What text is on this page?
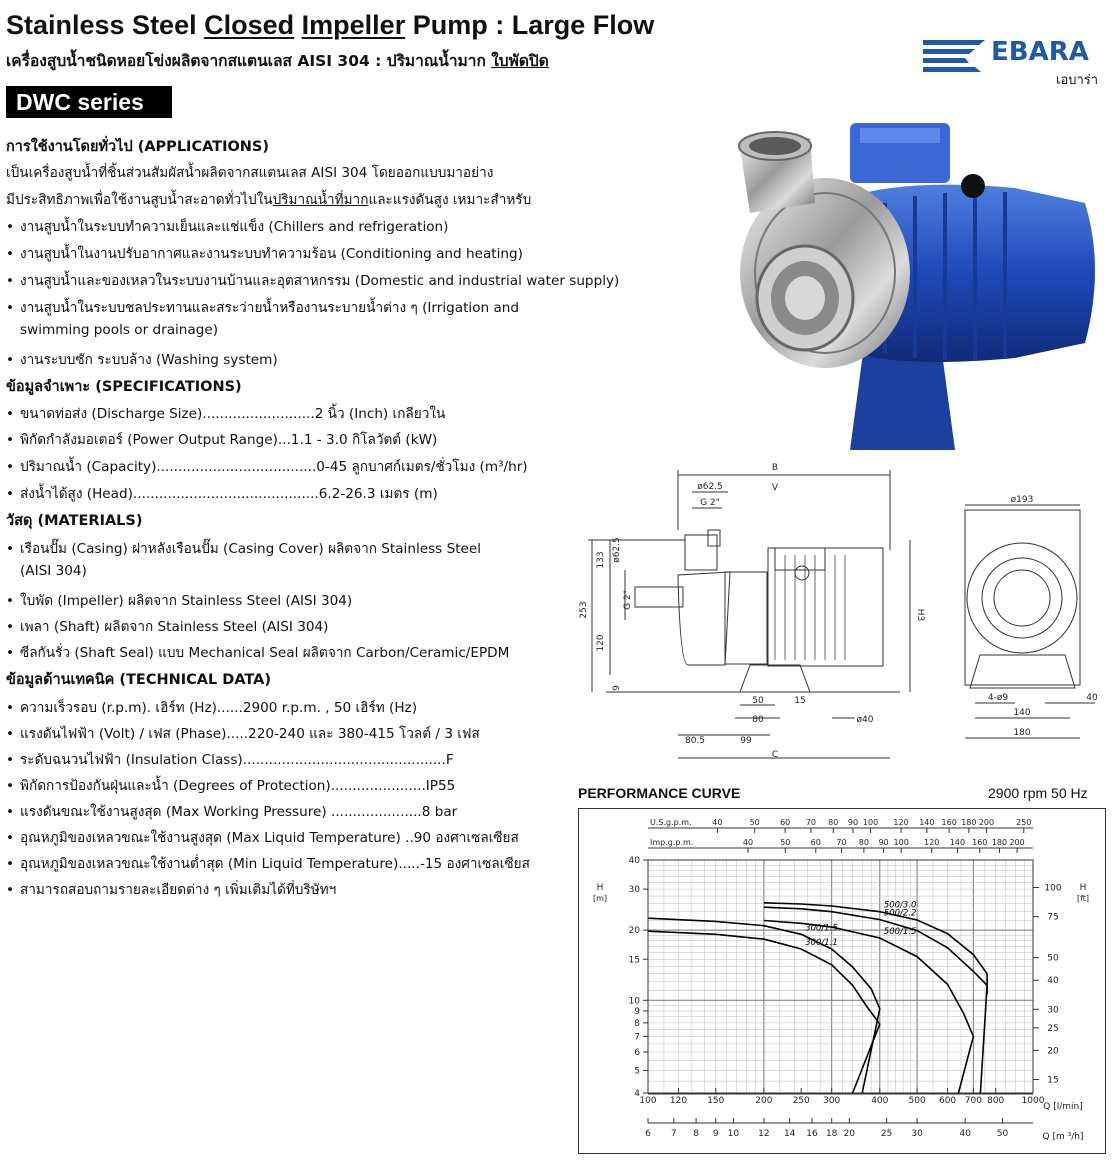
Stainless Steel Closed Impeller Pump : Large Flow
เครื่องสูบน้ำชนิดหอยโข่งผลิตจากสแตนเลส AISI 304 : ปริมาณน้ำมาก ใบพัดปิด
DWC series
EBARA
เอบาร่า
การใช้งานโดยทั่วไป (APPLICATIONS)
เป็นเครื่องสูบน้ำที่ชิ้นส่วนสัมผัสน้ำผลิตจากสแตนเลส AISI 304 โดยออกแบบมาอย่าง
มีประสิทธิภาพเพื่อใช้งานสูบน้ำสะอาดทั่วไปในปริมาณน้ำที่มากและแรงดันสูง เหมาะสำหรับ
• งานสูบน้ำในระบบทำความเย็นและแช่แข็ง (Chillers and refrigeration)
• งานสูบน้ำในงานปรับอากาศและงานระบบทำความร้อน (Conditioning and heating)
• งานสูบน้ำและของเหลวในระบบงานบ้านและอุตสาหกรรม (Domestic and industrial water supply)
• งานสูบน้ำในระบบชลประทานและสระว่ายน้ำหรืองานระบายน้ำต่าง ๆ (Irrigation and
swimming pools or drainage)
• งานระบบซัก ระบบล้าง (Washing system)
ข้อมูลจำเพาะ (SPECIFICATIONS)
• ขนาดท่อส่ง (Discharge Size)..........................2 นิ้ว (Inch) เกลียวใน
• พิกัดกำลังมอเตอร์ (Power Output Range)...1.1 - 3.0 กิโลวัตต์ (kW)
• ปริมาณน้ำ (Capacity).....................................0-45 ลูกบาศก์เมตร/ชั่วโมง (m³/hr)
• ส่งน้ำได้สูง (Head)...........................................6.2-26.3 เมตร (m)
วัสดุ (MATERIALS)
• เรือนปั๊ม (Casing) ฝาหลังเรือนปั๊ม (Casing Cover) ผลิตจาก Stainless Steel
(AISI 304)
• ใบพัด (Impeller) ผลิตจาก Stainless Steel (AISI 304)
• เพลา (Shaft) ผลิตจาก Stainless Steel (AISI 304)
• ซีลกันรั่ว (Shaft Seal) แบบ Mechanical Seal ผลิตจาก Carbon/Ceramic/EPDM
ข้อมูลด้านเทคนิค (TECHNICAL DATA)
• ความเร็วรอบ (r.p.m). เฮิร์ท (Hz)......2900 r.p.m. , 50 เฮิร์ท (Hz)
• แรงดันไฟฟ้า (Volt) / เฟส (Phase).....220-240 และ 380-415 โวลต์ / 3 เฟส
• ระดับฉนวนไฟฟ้า (Insulation Class)...............................................F
• พิกัดการป้องกันฝุ่นและน้ำ (Degrees of Protection)......................IP55
• แรงดันขณะใช้งานสูงสุด (Max Working Pressure) .....................8 bar
• อุณหภูมิของเหลวขณะใช้งานสูงสุด (Max Liquid Temperature) ..90 องศาเซลเซียส
• อุณหภูมิของเหลวขณะใช้งานต่ำสุด (Min Liquid Temperature).....-15 องศาเซลเซียส
• สามารถสอบถามรายละเอียดต่าง ๆ เพิ่มเติมได้ที่บริษัทฯ
B
ø62.5
G 2"
V
253
133 ø62.5
G 2"
120
9
H3
50	15
80	ø40
80.5	99
C
ø193
4-ø9	40
140
180
PERFORMANCE CURVE	2900 rpm 50 Hz
4
5
6
7
8
9
10
15
20
30
40
15
20
25
30
40
50
75
100
H
[m]
H
[ft]
100 120 150	200 250 300	400 500 600 700 800 1000
Q [l/min]
6 7 8 9 10 12 14 16 18 20	25 30	40	50	Q [m ³/h]
U.S.g.p.m.	40	50	60 70 80 90 100 120 140 160 180 200	250
Imp.g.p.m.	40	50	60 70 80 90 100 120 140 160 180 200
300/1.1
300/1.5	500/1.5
500/2.2
500/3.0
